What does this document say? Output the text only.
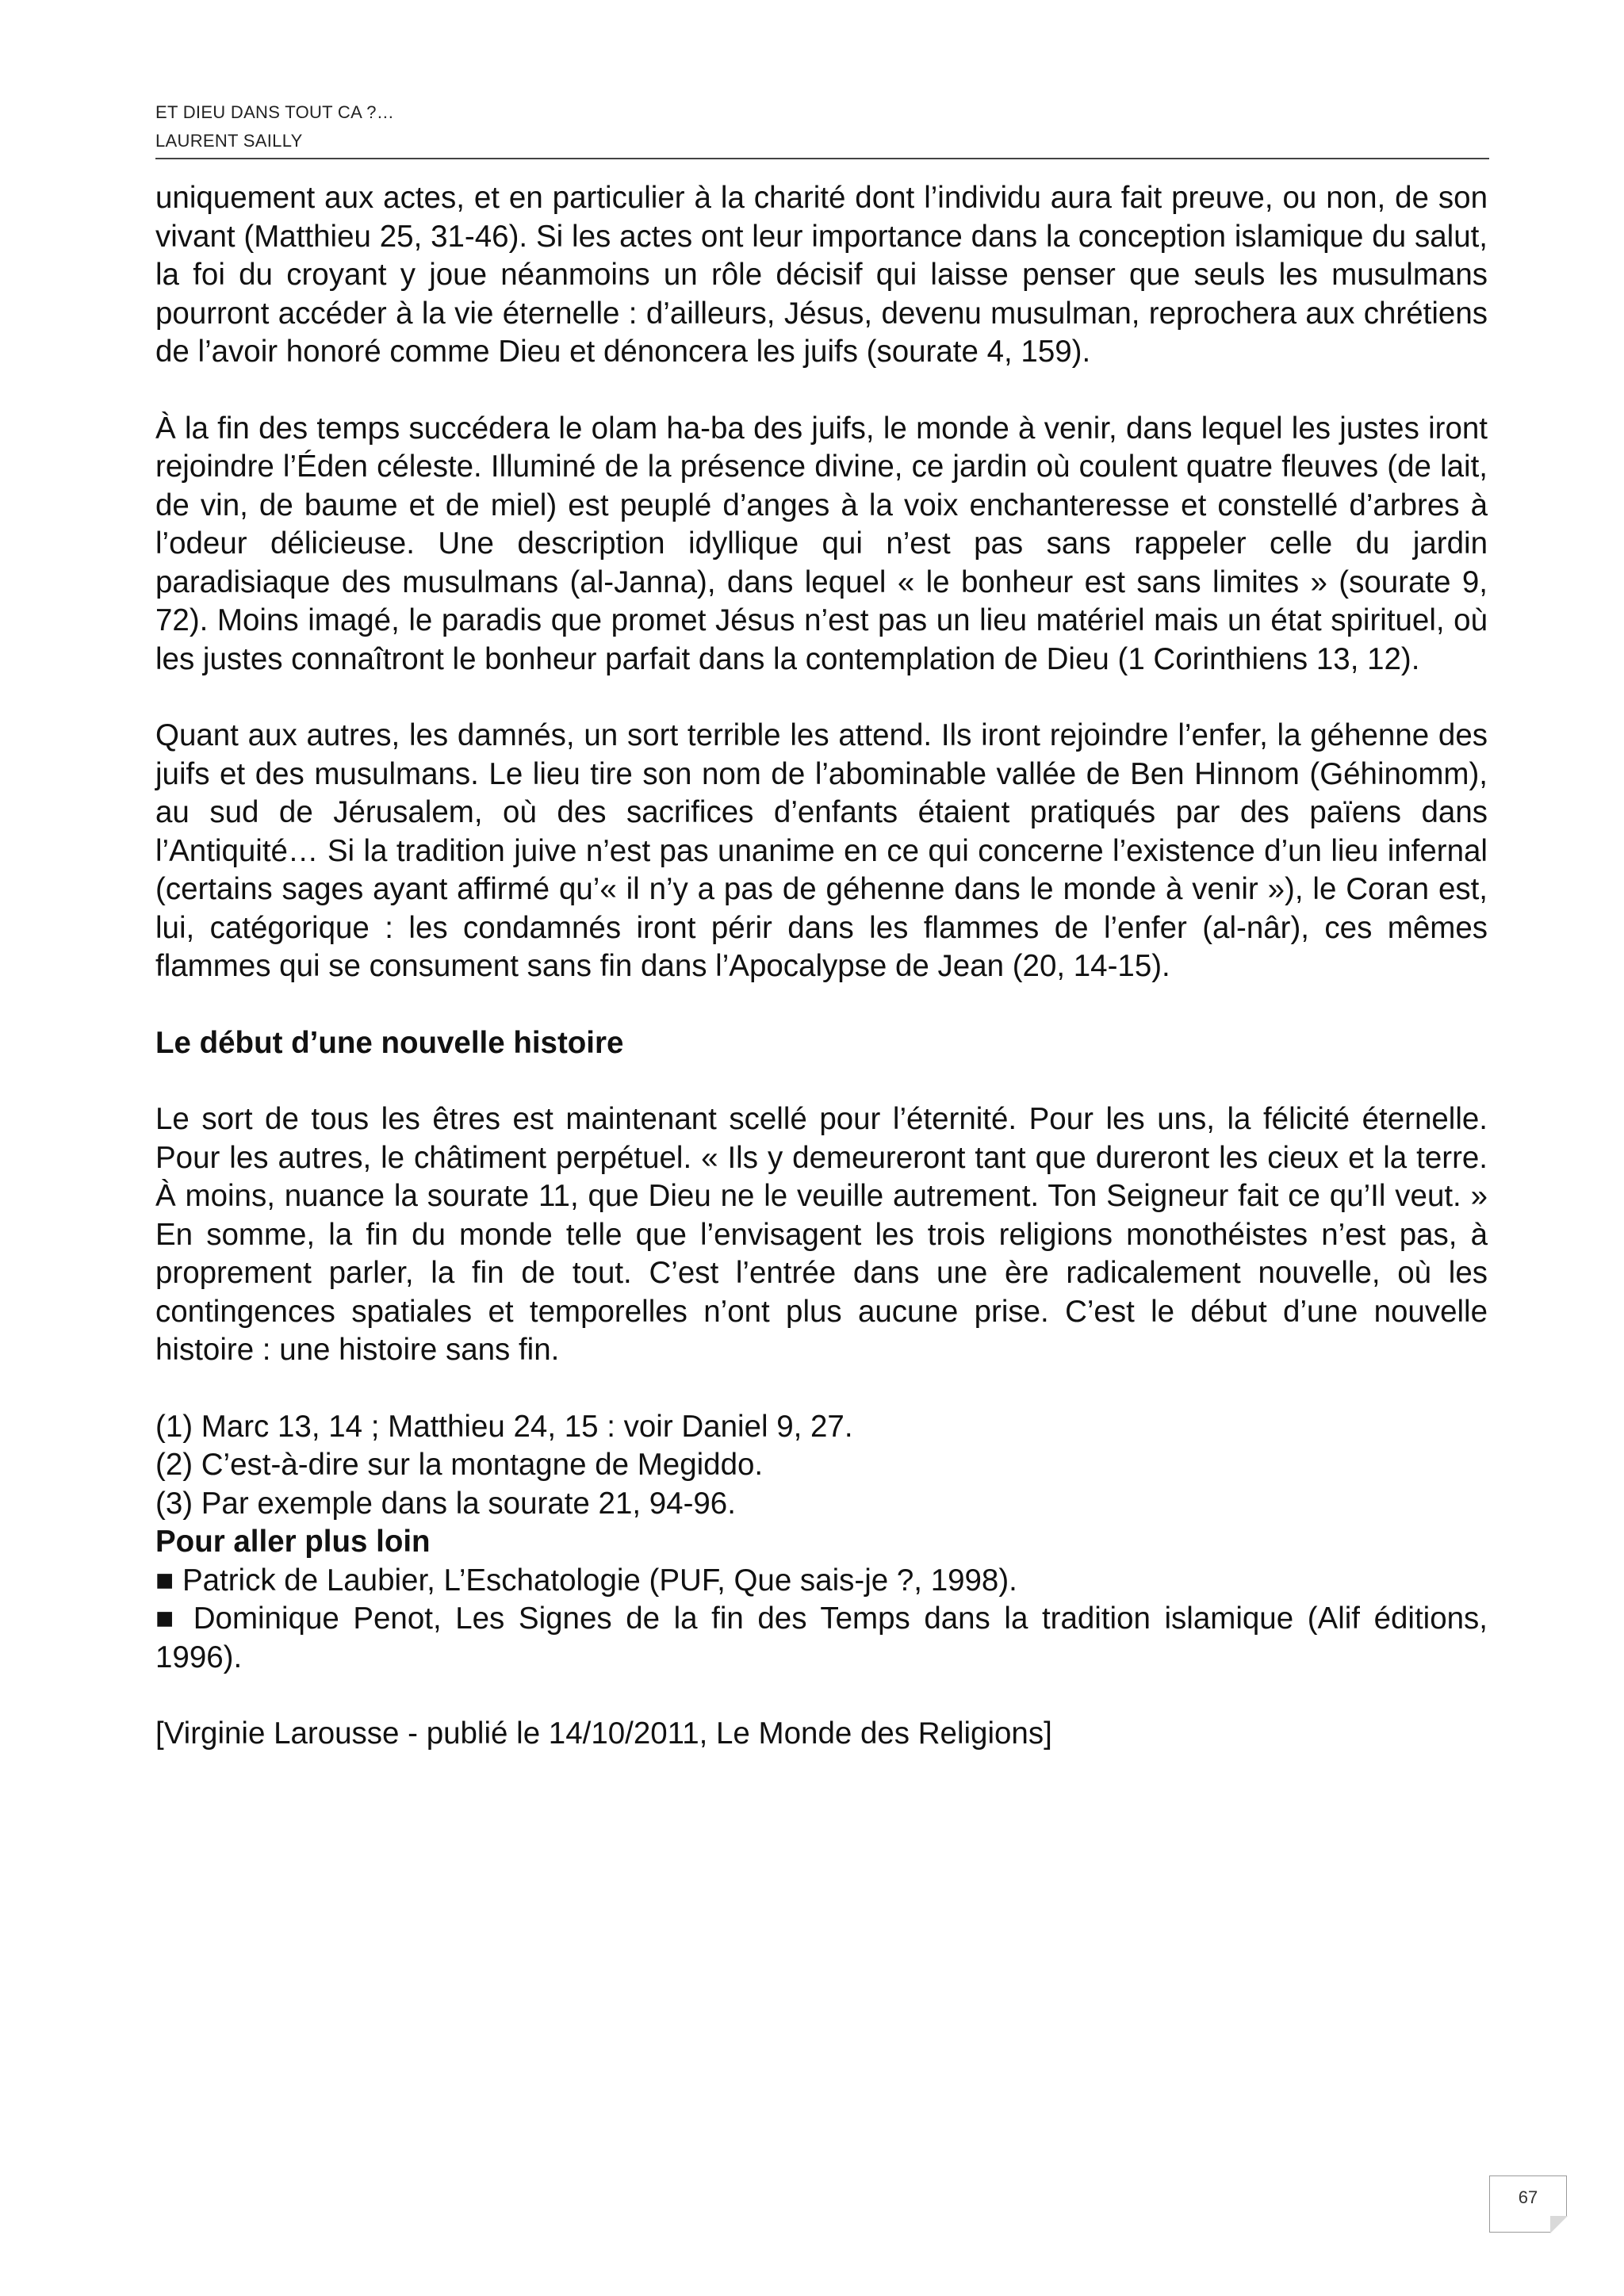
ET DIEU DANS TOUT CA ?…
LAURENT SAILLY

uniquement aux actes, et en particulier à la charité dont l’individu aura fait preuve, ou non, de son vivant (Matthieu 25, 31-46). Si les actes ont leur importance dans la conception islamique du salut, la foi du croyant y joue néanmoins un rôle décisif qui laisse penser que seuls les musulmans pourront accéder à la vie éternelle : d’ailleurs, Jésus, devenu musulman, reprochera aux chrétiens de l’avoir honoré comme Dieu et dénoncera les juifs (sourate 4, 159).

À la fin des temps succédera le olam ha-ba des juifs, le monde à venir, dans lequel les justes iront rejoindre l’Éden céleste. Illuminé de la présence divine, ce jardin où coulent quatre fleuves (de lait, de vin, de baume et de miel) est peuplé d’anges à la voix enchanteresse et constellé d’arbres à l’odeur délicieuse. Une description idyllique qui n’est pas sans rappeler celle du jardin paradisiaque des musulmans (al-Janna), dans lequel « le bonheur est sans limites » (sourate 9, 72). Moins imagé, le paradis que promet Jésus n’est pas un lieu matériel mais un état spirituel, où les justes connaîtront le bonheur parfait dans la contemplation de Dieu (1 Corinthiens 13, 12).

Quant aux autres, les damnés, un sort terrible les attend. Ils iront rejoindre l’enfer, la géhenne des juifs et des musulmans. Le lieu tire son nom de l’abominable vallée de Ben Hinnom (Géhinomm), au sud de Jérusalem, où des sacrifices d’enfants étaient pratiqués par des païens dans l’Antiquité… Si la tradition juive n’est pas unanime en ce qui concerne l’existence d’un lieu infernal (certains sages ayant affirmé qu’« il n’y a pas de géhenne dans le monde à venir »), le Coran est, lui, catégorique : les condamnés iront périr dans les flammes de l’enfer (al-nâr), ces mêmes flammes qui se consument sans fin dans l’Apocalypse de Jean (20, 14-15).

Le début d’une nouvelle histoire

Le sort de tous les êtres est maintenant scellé pour l’éternité. Pour les uns, la félicité éternelle. Pour les autres, le châtiment perpétuel. « Ils y demeureront tant que dureront les cieux et la terre. À moins, nuance la sourate 11, que Dieu ne le veuille autrement. Ton Seigneur fait ce qu’Il veut. » En somme, la fin du monde telle que l’envisagent les trois religions monothéistes n’est pas, à proprement parler, la fin de tout. C’est l’entrée dans une ère radicalement nouvelle, où les contingences spatiales et temporelles n’ont plus aucune prise. C’est le début d’une nouvelle histoire : une histoire sans fin.

(1) Marc 13, 14 ; Matthieu 24, 15 : voir Daniel 9, 27.
(2) C’est-à-dire sur la montagne de Megiddo.
(3) Par exemple dans la sourate 21, 94-96.
Pour aller plus loin

■ Patrick de Laubier, L’Eschatologie (PUF, Que sais-je ?, 1998).

■ Dominique Penot, Les Signes de la fin des Temps dans la tradition islamique (Alif éditions, 1996).

[Virginie Larousse - publié le 14/10/2011, Le Monde des Religions]
67
